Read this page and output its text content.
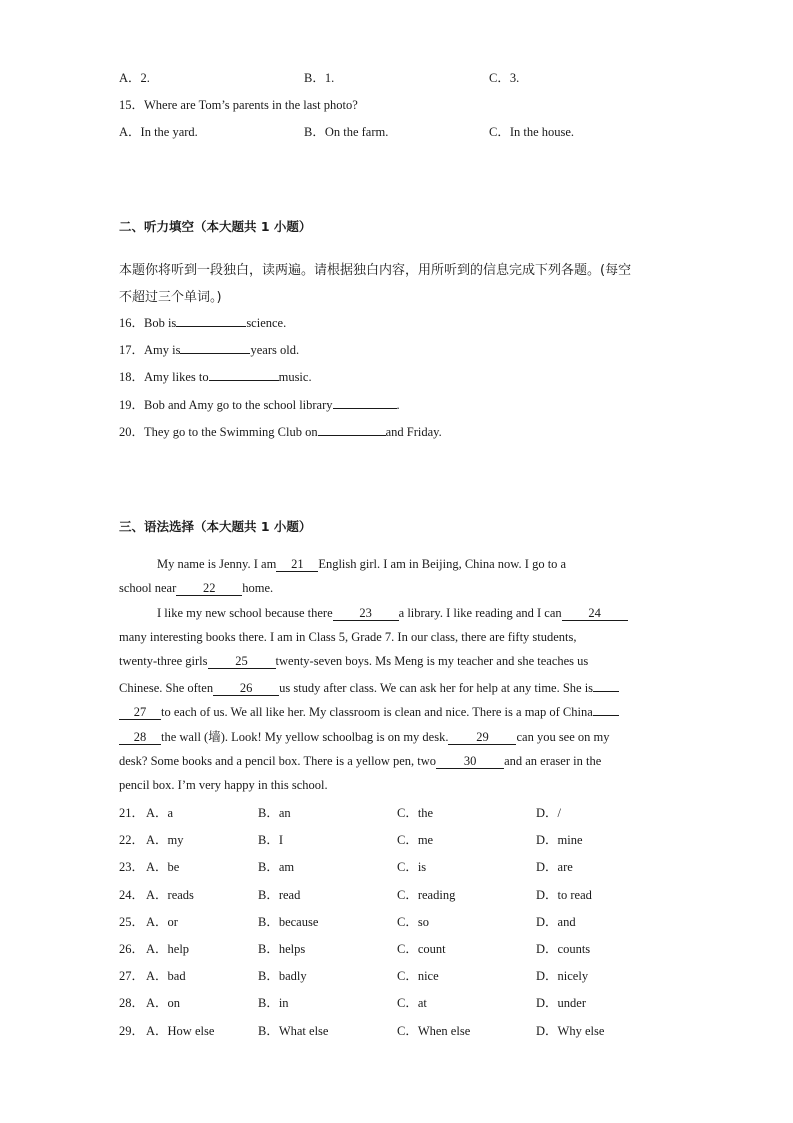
A．2.	B．1.	C．3.
15．Where are Tom’s parents in the last photo?
A．In the yard.	B．On the farm.	C．In the house.
二、听力填空（本大题共 1 小题）
本题你将听到一段独白，读两遍。请根据独白内容，用所听到的信息完成下列各题。(每空
不超过三个单词。)
16．Bob is	science.
17．Amy is	years old.
18．Amy likes to	music.
19．Bob and Amy go to the school library	.
20．They go to the Swimming Club on	and Friday.
三、语法选择（本大题共 1 小题）
My name is Jenny. I am 21 English girl. I am in Beijing, China now. I go to a
school near 22 home.
I like my new school because there 23 a library. I like reading and I can 24
many interesting books there. I am in Class 5, Grade 7. In our class, there are fifty students,
twenty-three girls 25 twenty-seven boys. Ms Meng is my teacher and she teaches us
Chinese. She often 26 us study after class. We can ask her for help at any time. She is
27 to each of us. We all like her. My classroom is clean and nice. There is a map of China
28 the wall (墙). Look! My yellow schoolbag is on my desk. 29 can you see on my
desk? Some books and a pencil box. There is a yellow pen, two 30 and an eraser in the
pencil box. I’m very happy in this school.
21． A．a	B．an	C．the	D．/
22． A．my	B．I	C．me	D．mine
23． A．be	B．am	C．is	D．are
24． A．reads	B．read	C．reading	D．to read
25． A．or	B．because	C．so	D．and
26． A．help	B．helps	C．count	D．counts
27． A．bad	B．badly	C．nice	D．nicely
28． A．on	B．in	C．at	D．under
29． A．How else	B．What else	C．When else	D．Why else
